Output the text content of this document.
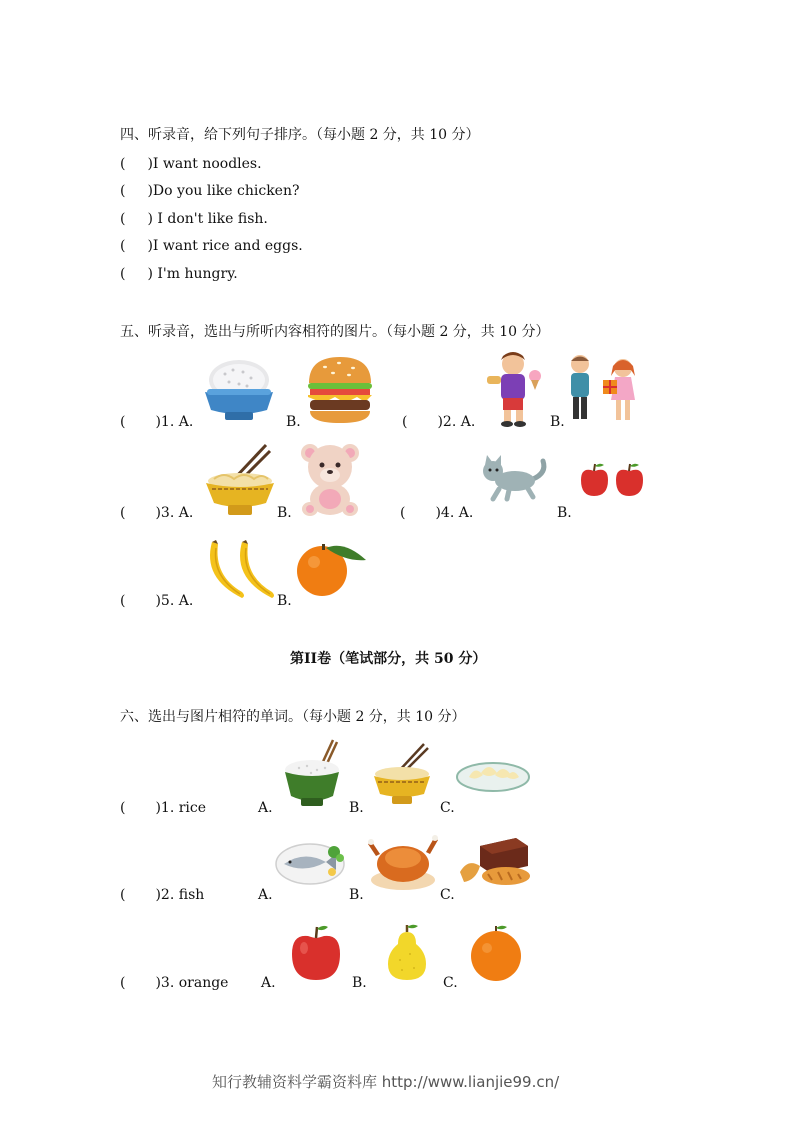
四、听录音，给下列句子排序。（每小题 2 分，共 10 分）
( )I want noodles.
( )Do you like chicken?
( ) I don't like fish.
( )I want rice and eggs.
( ) I'm hungry.
五、听录音，选出与所听内容相符的图片。（每小题 2 分，共 10 分）
( )1. A.	B.	( )2. A.	B.
( )3. A.	B.	( )4. A.	B.
( )5. A.	B.
第II卷（笔试部分，共 50 分）
六、选出与图片相符的单词。（每小题 2 分，共 10 分）
( )1. rice	A.	B.	C.
( )2. fish	A.	B.	C.
( )3. orange A.	B.	C.
知行教辅资料学霸资料库 http://www.lianjie99.cn/
